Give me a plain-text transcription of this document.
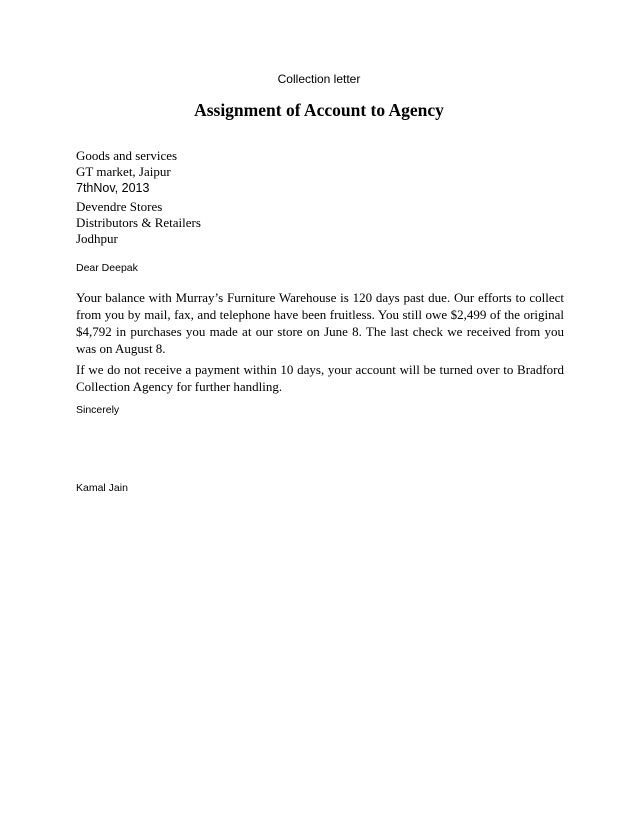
Collection letter
Assignment of Account to Agency
Goods and services
GT market, Jaipur
7thNov, 2013
Devendre Stores
Distributors & Retailers
Jodhpur
Dear Deepak

Your balance with Murray’s Furniture Warehouse is 120 days past due. Our efforts to collect from you by mail, fax, and telephone have been fruitless. You still owe $2,499 of the original $4,792 in purchases you made at our store on June 8. The last check we received from you was on August 8.

If we do not receive a payment within 10 days, your account will be turned over to Bradford Collection Agency for further handling.

Sincerely
Kamal Jain
